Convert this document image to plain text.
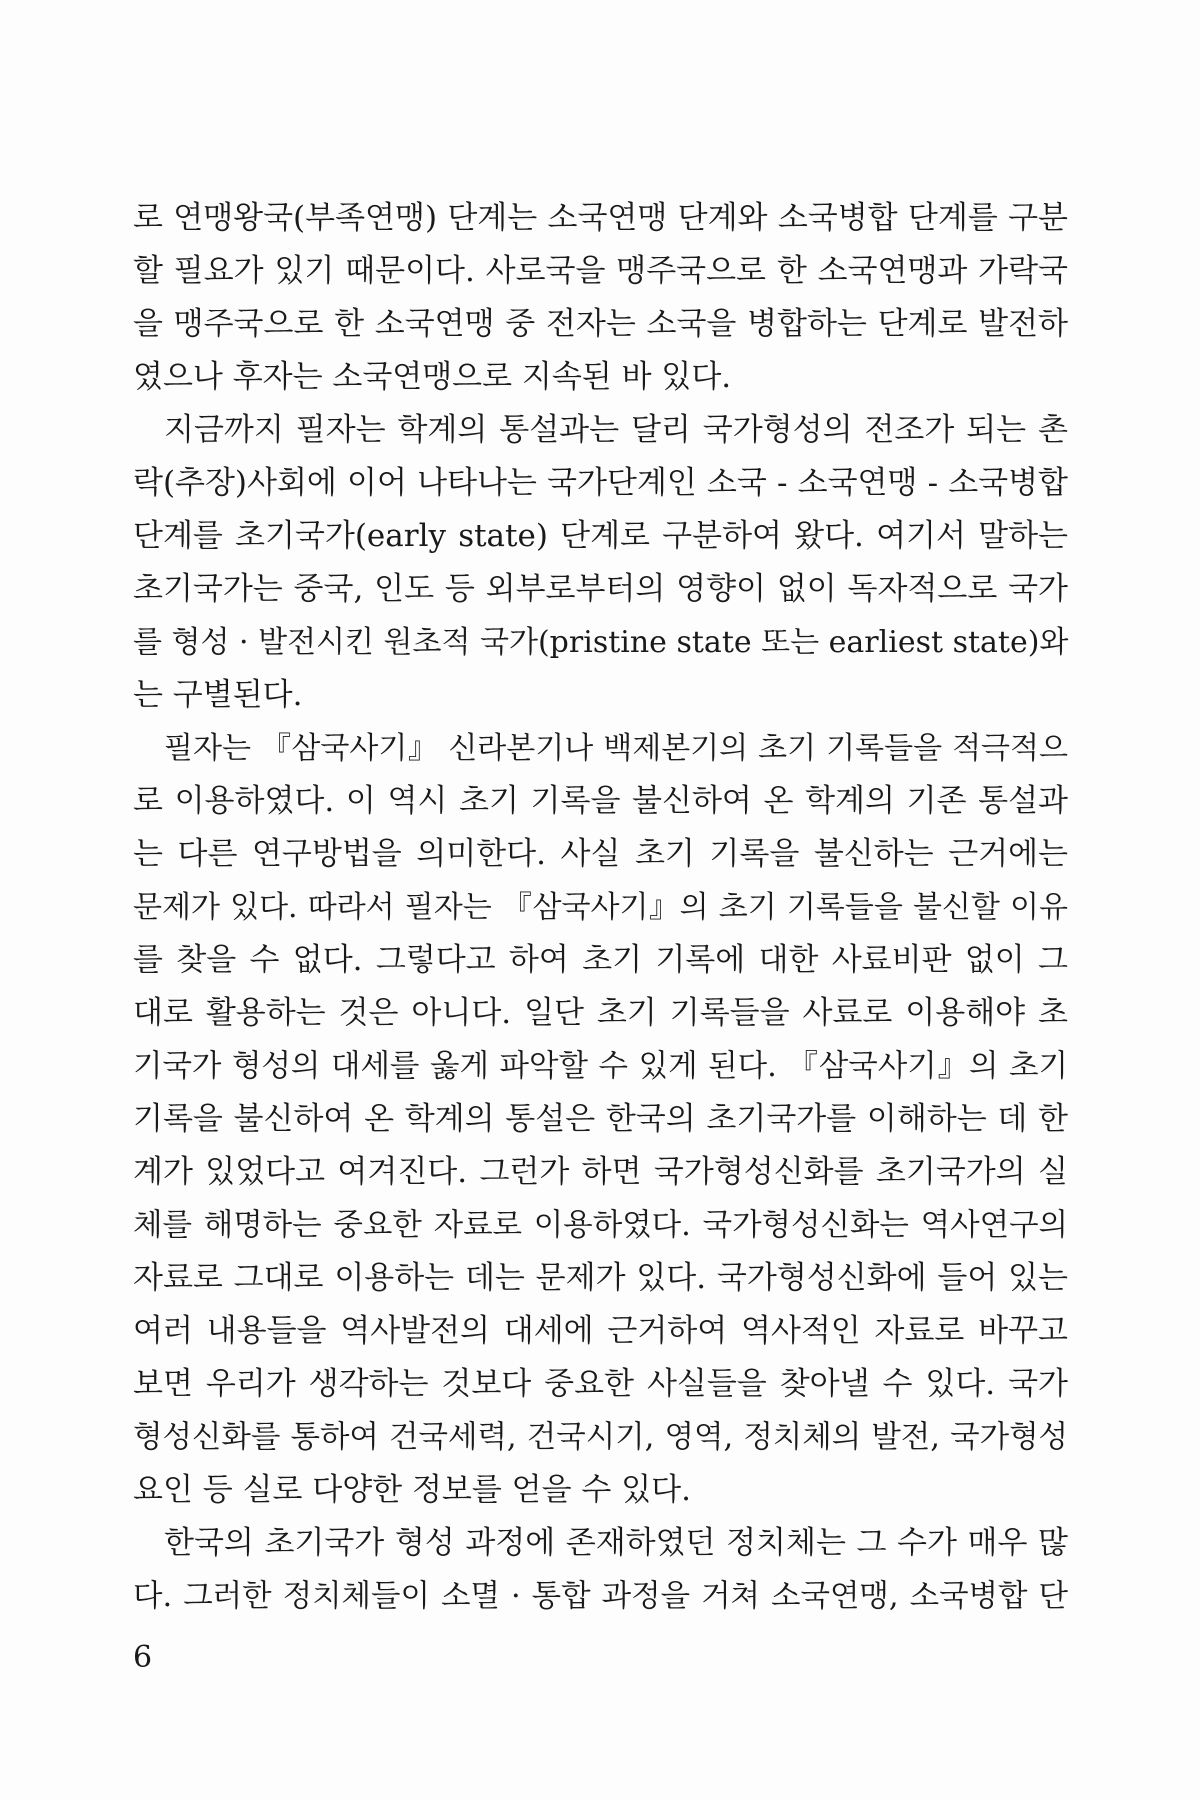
로 연맹왕국(부족연맹) 단계는 소국연맹 단계와 소국병합 단계를 구분
할 필요가 있기 때문이다. 사로국을 맹주국으로 한 소국연맹과 가락국
을 맹주국으로 한 소국연맹 중 전자는 소국을 병합하는 단계로 발전하
였으나 후자는 소국연맹으로 지속된 바 있다.
지금까지 필자는 학계의 통설과는 달리 국가형성의 전조가 되는 촌
락(추장)사회에 이어 나타나는 국가단계인 소국 - 소국연맹 - 소국병합
단계를 초기국가(early state) 단계로 구분하여 왔다. 여기서 말하는
초기국가는 중국, 인도 등 외부로부터의 영향이 없이 독자적으로 국가
를 형성 · 발전시킨 원초적 국가(pristine state 또는 earliest state)와
는 구별된다.
필자는 『삼국사기』 신라본기나 백제본기의 초기 기록들을 적극적으
로 이용하였다. 이 역시 초기 기록을 불신하여 온 학계의 기존 통설과
는 다른 연구방법을 의미한다. 사실 초기 기록을 불신하는 근거에는
문제가 있다. 따라서 필자는 『삼국사기』의 초기 기록들을 불신할 이유
를 찾을 수 없다. 그렇다고 하여 초기 기록에 대한 사료비판 없이 그
대로 활용하는 것은 아니다. 일단 초기 기록들을 사료로 이용해야 초
기국가 형성의 대세를 옳게 파악할 수 있게 된다. 『삼국사기』의 초기
기록을 불신하여 온 학계의 통설은 한국의 초기국가를 이해하는 데 한
계가 있었다고 여겨진다. 그런가 하면 국가형성신화를 초기국가의 실
체를 해명하는 중요한 자료로 이용하였다. 국가형성신화는 역사연구의
자료로 그대로 이용하는 데는 문제가 있다. 국가형성신화에 들어 있는
여러 내용들을 역사발전의 대세에 근거하여 역사적인 자료로 바꾸고
보면 우리가 생각하는 것보다 중요한 사실들을 찾아낼 수 있다. 국가
형성신화를 통하여 건국세력, 건국시기, 영역, 정치체의 발전, 국가형성
요인 등 실로 다양한 정보를 얻을 수 있다.
한국의 초기국가 형성 과정에 존재하였던 정치체는 그 수가 매우 많
다. 그러한 정치체들이 소멸 · 통합 과정을 거쳐 소국연맹, 소국병합 단
6
